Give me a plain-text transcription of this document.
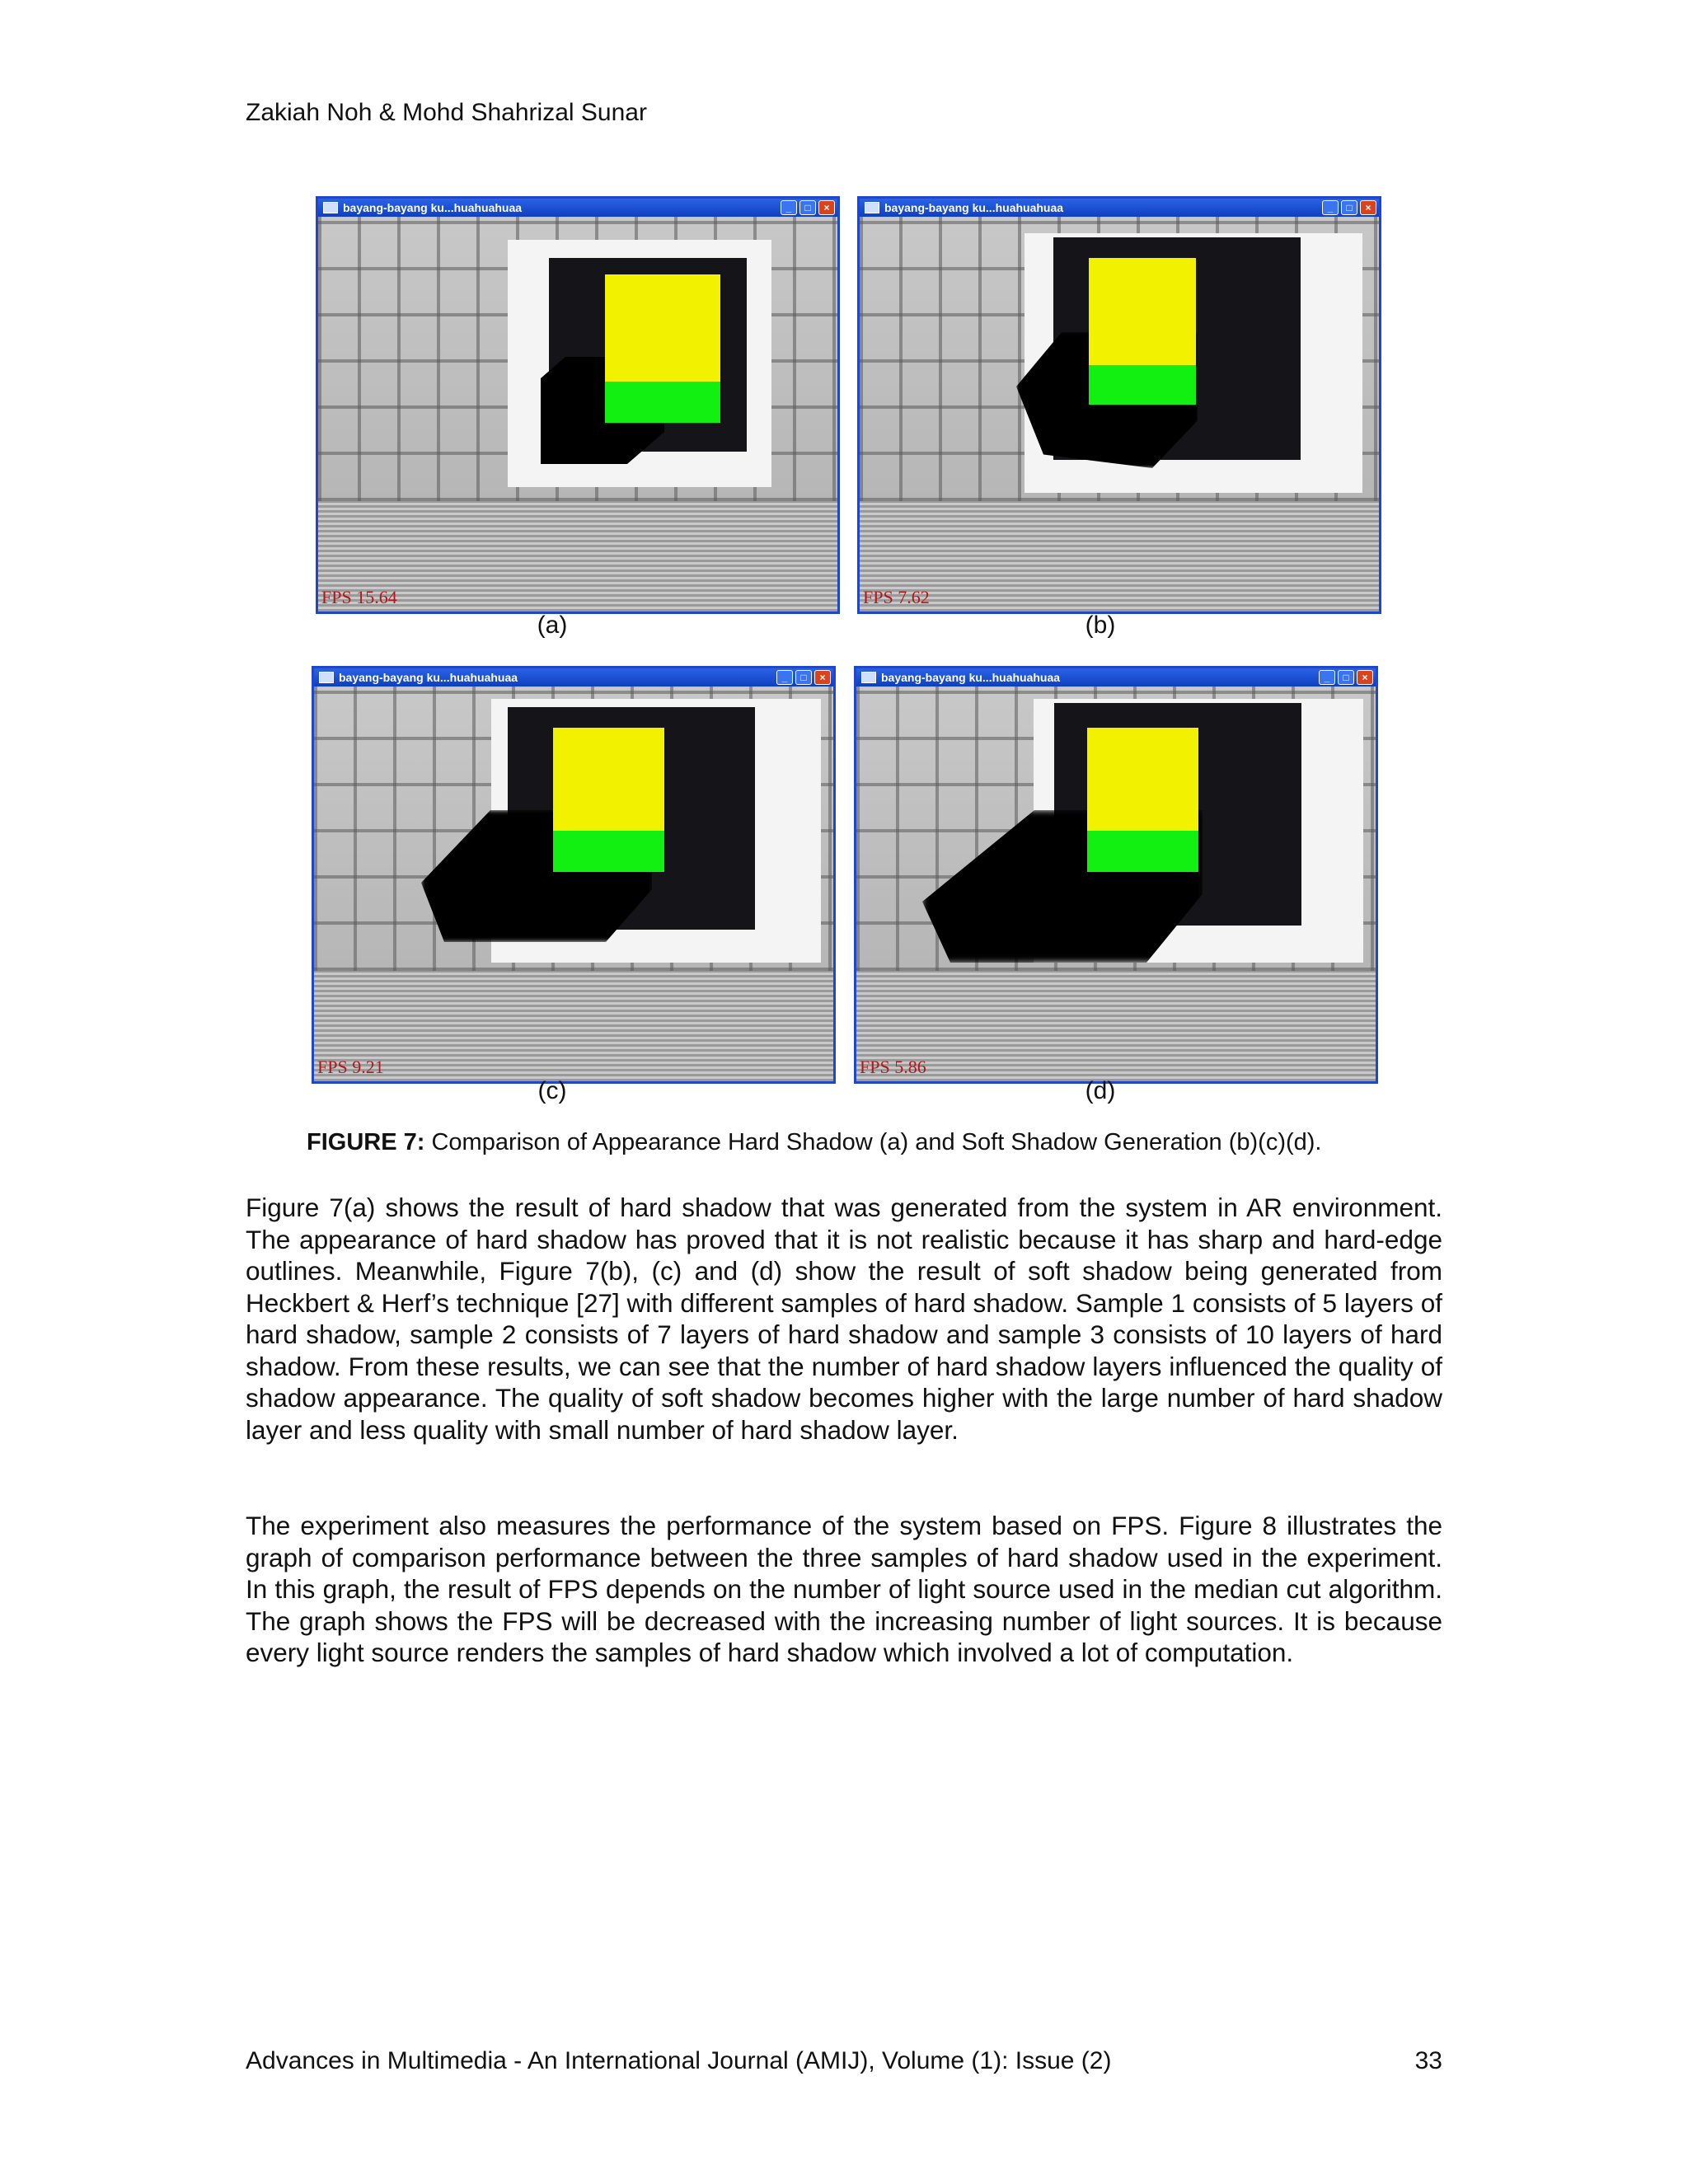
Zakiah Noh & Mohd Shahrizal Sunar
bayang-bayang ku...huahuahuaa	_	□	×
FPS 15.64
(a)
bayang-bayang ku...huahuahuaa	_	□	×
FPS 7.62
(b)
bayang-bayang ku...huahuahuaa	_	□	×
FPS 9.21
(c)
bayang-bayang ku...huahuahuaa	_	□	×
FPS 5.86
(d)
FIGURE 7: Comparison of Appearance Hard Shadow (a) and Soft Shadow Generation (b)(c)(d).

Figure 7(a) shows the result of hard shadow that was generated from the system in AR environment. The appearance of hard shadow has proved that it is not realistic because it has sharp and hard-edge outlines. Meanwhile, Figure 7(b), (c) and (d) show the result of soft shadow being generated from Heckbert & Herf’s technique [27] with different samples of hard shadow. Sample 1 consists of 5 layers of hard shadow, sample 2 consists of 7 layers of hard shadow and sample 3 consists of 10 layers of hard shadow. From these results, we can see that the number of hard shadow layers influenced the quality of shadow appearance. The quality of soft shadow becomes higher with the large number of hard shadow layer and less quality with small number of hard shadow layer.

The experiment also measures the performance of the system based on FPS. Figure 8 illustrates the graph of comparison performance between the three samples of hard shadow used in the experiment. In this graph, the result of FPS depends on the number of light source used in the median cut algorithm. The graph shows the FPS will be decreased with the increasing number of light sources. It is because every light source renders the samples of hard shadow which involved a lot of computation.

Advances in Multimedia - An International Journal (AMIJ), Volume (1): Issue (2)	33
